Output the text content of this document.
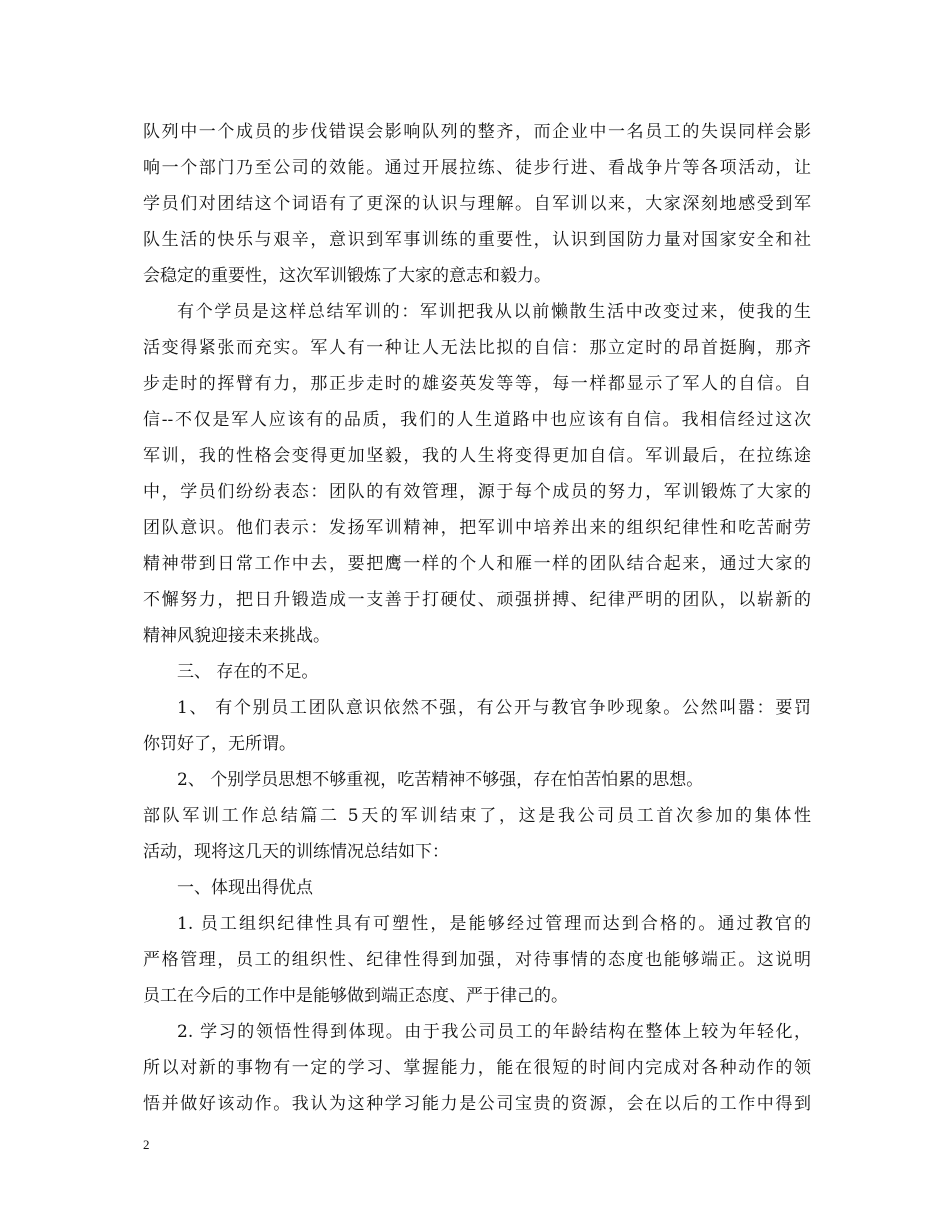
队列中一个成员的步伐错误会影响队列的整齐，而企业中一名员工的失误同样会影
响一个部门乃至公司的效能。通过开展拉练、徒步行进、看战争片等各项活动，让
学员们对团结这个词语有了更深的认识与理解。自军训以来，大家深刻地感受到军
队生活的快乐与艰辛，意识到军事训练的重要性，认识到国防力量对国家安全和社
会稳定的重要性，这次军训锻炼了大家的意志和毅力。
有个学员是这样总结军训的：军训把我从以前懒散生活中改变过来，使我的生
活变得紧张而充实。军人有一种让人无法比拟的自信：那立定时的昂首挺胸，那齐
步走时的挥臂有力，那正步走时的雄姿英发等等，每一样都显示了军人的自信。自
信--不仅是军人应该有的品质，我们的人生道路中也应该有自信。我相信经过这次
军训，我的性格会变得更加坚毅，我的人生将变得更加自信。军训最后，在拉练途
中，学员们纷纷表态：团队的有效管理，源于每个成员的努力，军训锻炼了大家的
团队意识。他们表示：发扬军训精神，把军训中培养出来的组织纪律性和吃苦耐劳
精神带到日常工作中去，要把鹰一样的个人和雁一样的团队结合起来，通过大家的
不懈努力，把日升锻造成一支善于打硬仗、顽强拼搏、纪律严明的团队，以崭新的
精神风貌迎接未来挑战。
三、 存在的不足。
1、 有个别员工团队意识依然不强，有公开与教官争吵现象。公然叫嚣：要罚
你罚好了，无所谓。
2、 个别学员思想不够重视，吃苦精神不够强，存在怕苦怕累的思想。
部队军训工作总结篇二 5天的军训结束了，这是我公司员工首次参加的集体性
活动，现将这几天的训练情况总结如下：
一、体现出得优点
1. 员工组织纪律性具有可塑性，是能够经过管理而达到合格的。通过教官的
严格管理，员工的组织性、纪律性得到加强，对待事情的态度也能够端正。这说明
员工在今后的工作中是能够做到端正态度、严于律己的。
2. 学习的领悟性得到体现。由于我公司员工的年龄结构在整体上较为年轻化，
所以对新的事物有一定的学习、掌握能力，能在很短的时间内完成对各种动作的领
悟并做好该动作。我认为这种学习能力是公司宝贵的资源，会在以后的工作中得到
2
